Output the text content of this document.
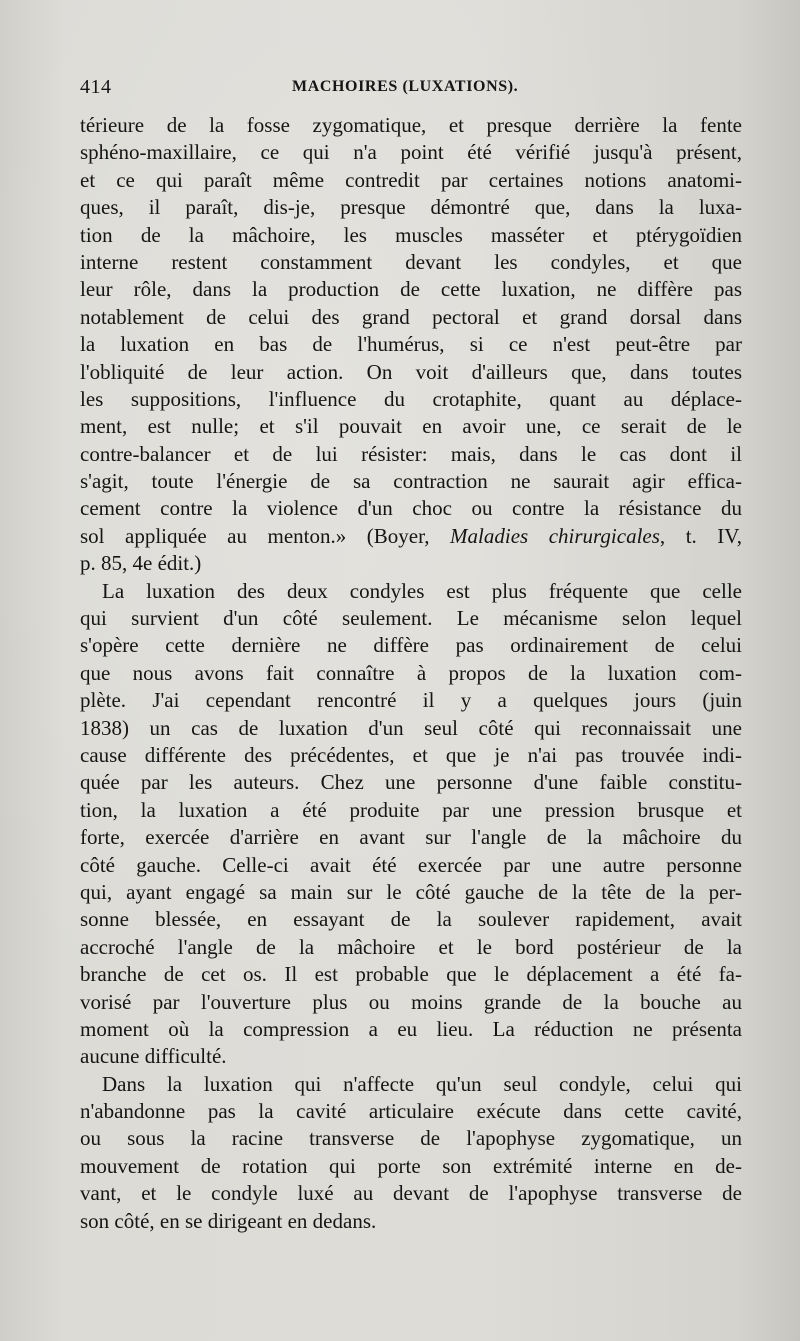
414	MACHOIRES (LUXATIONS).

térieure de la fosse zygomatique, et presque derrière la fente
sphéno-maxillaire, ce qui n'a point été vérifié jusqu'à présent,
et ce qui paraît même contredit par certaines notions anatomi-
ques, il paraît, dis-je, presque démontré que, dans la luxa-
tion de la mâchoire, les muscles masséter et ptérygoïdien
interne restent constamment devant les condyles, et que
leur rôle, dans la production de cette luxation, ne diffère pas
notablement de celui des grand pectoral et grand dorsal dans
la luxation en bas de l'humérus, si ce n'est peut-être par
l'obliquité de leur action. On voit d'ailleurs que, dans toutes
les suppositions, l'influence du crotaphite, quant au déplace-
ment, est nulle; et s'il pouvait en avoir une, ce serait de le
contre-balancer et de lui résister: mais, dans le cas dont il
s'agit, toute l'énergie de sa contraction ne saurait agir effica-
cement contre la violence d'un choc ou contre la résistance du
sol appliquée au menton.» (Boyer, Maladies chirurgicales, t. IV,
p. 85, 4e édit.)

La luxation des deux condyles est plus fréquente que celle
qui survient d'un côté seulement. Le mécanisme selon lequel
s'opère cette dernière ne diffère pas ordinairement de celui
que nous avons fait connaître à propos de la luxation com-
plète. J'ai cependant rencontré il y a quelques jours (juin
1838) un cas de luxation d'un seul côté qui reconnaissait une
cause différente des précédentes, et que je n'ai pas trouvée indi-
quée par les auteurs. Chez une personne d'une faible constitu-
tion, la luxation a été produite par une pression brusque et
forte, exercée d'arrière en avant sur l'angle de la mâchoire du
côté gauche. Celle-ci avait été exercée par une autre personne
qui, ayant engagé sa main sur le côté gauche de la tête de la per-
sonne blessée, en essayant de la soulever rapidement, avait
accroché l'angle de la mâchoire et le bord postérieur de la
branche de cet os. Il est probable que le déplacement a été fa-
vorisé par l'ouverture plus ou moins grande de la bouche au
moment où la compression a eu lieu. La réduction ne présenta
aucune difficulté.

Dans la luxation qui n'affecte qu'un seul condyle, celui qui
n'abandonne pas la cavité articulaire exécute dans cette cavité,
ou sous la racine transverse de l'apophyse zygomatique, un
mouvement de rotation qui porte son extrémité interne en de-
vant, et le condyle luxé au devant de l'apophyse transverse de
son côté, en se dirigeant en dedans.
